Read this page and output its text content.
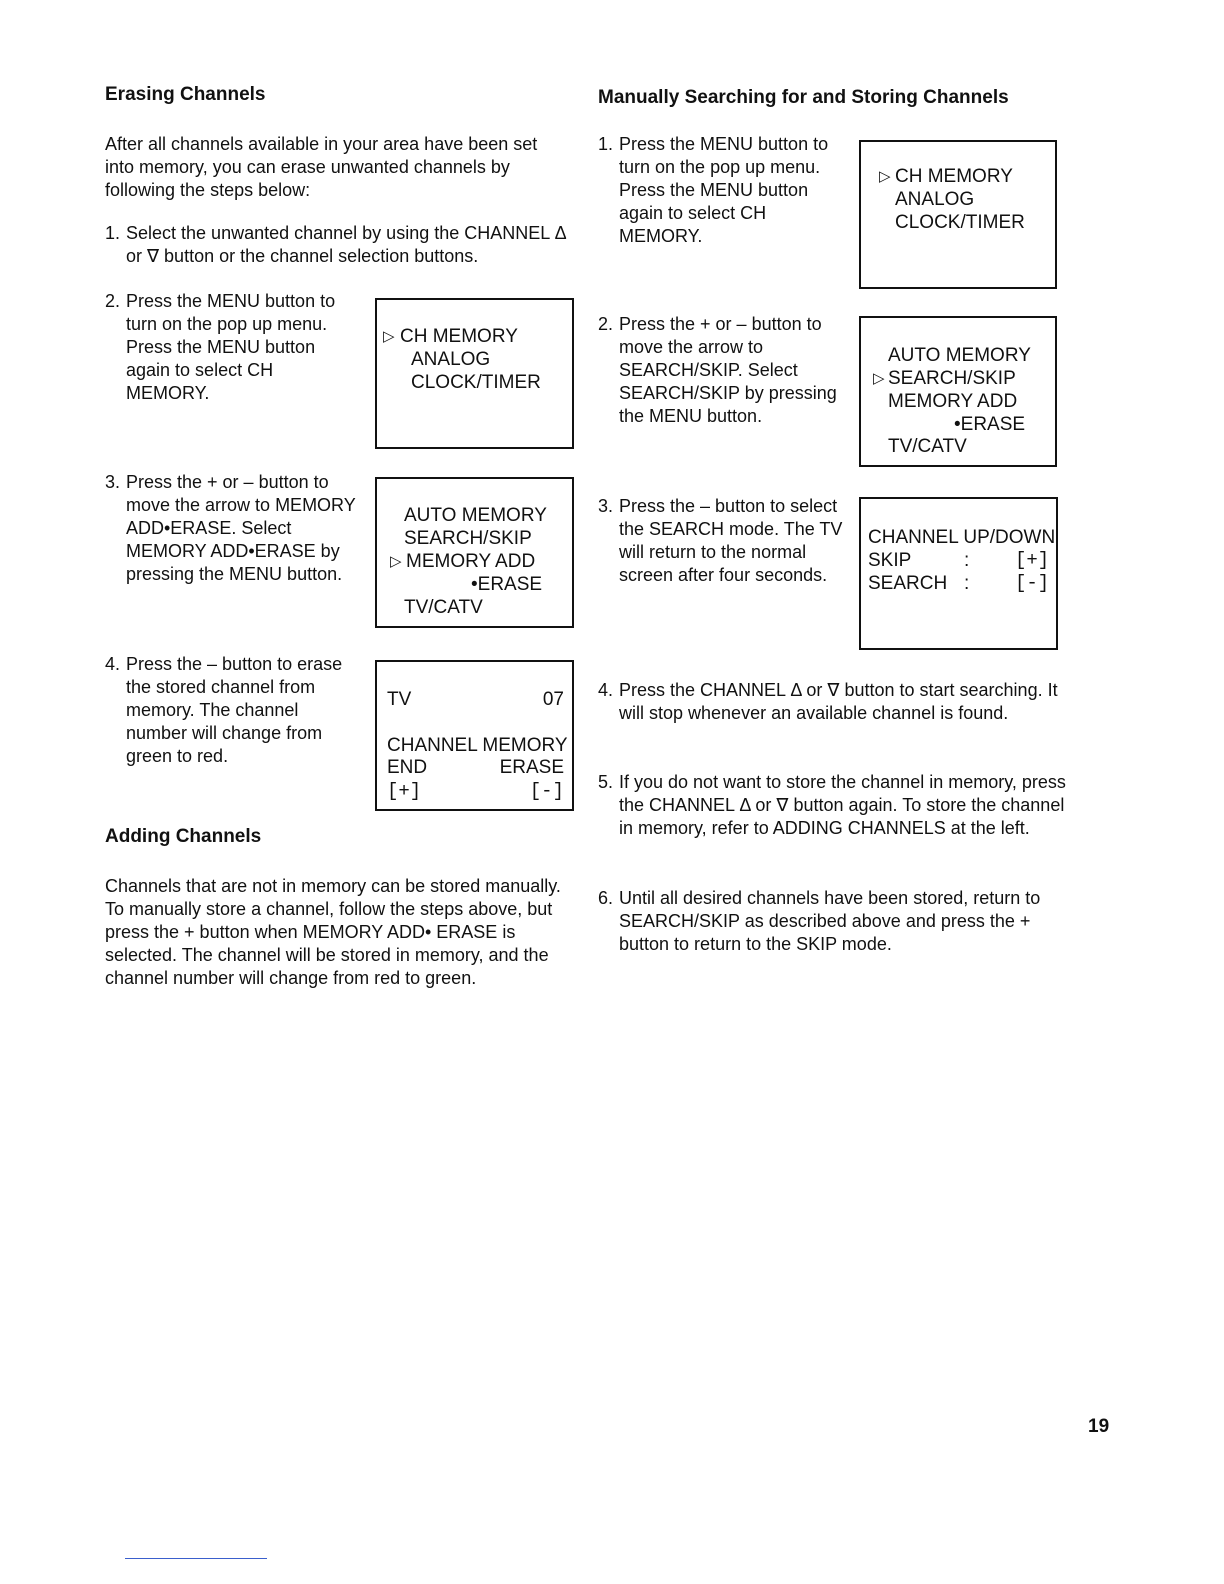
Erasing Channels
After all channels available in your area have been set into memory, you can erase unwanted channels by following the steps below:
1. Select the unwanted channel by using the CHANNEL Δ or ∇ button or the channel selection buttons.
2. Press the MENU button to turn on the pop up menu. Press the MENU button again to select CH MEMORY.
▷ CH MEMORY
ANALOG
CLOCK/TIMER
3. Press the + or – button to move the arrow to MEMORY ADD•ERASE. Select MEMORY ADD•ERASE by pressing the MENU button.
AUTO MEMORY
SEARCH/SKIP
▷ MEMORY ADD
•ERASE
TV/CATV
4. Press the – button to erase the stored channel from memory. The channel number will change from green to red.
TV	07
CHANNEL MEMORY
END	ERASE
[+]	[-]
Adding Channels
Channels that are not in memory can be stored manually. To manually store a channel, follow the steps above, but press the + button when MEMORY ADD• ERASE is selected. The channel will be stored in memory, and the channel number will change from red to green.
Manually Searching for and Storing Channels
1. Press the MENU button to turn on the pop up menu. Press the MENU button again to select CH MEMORY.
▷ CH MEMORY
ANALOG
CLOCK/TIMER
2. Press the + or – button to move the arrow to SEARCH/SKIP. Select SEARCH/SKIP by pressing the MENU button.
AUTO MEMORY
▷ SEARCH/SKIP
MEMORY ADD
•ERASE
TV/CATV
3. Press the – button to select the SEARCH mode. The TV will return to the normal screen after four seconds.
CHANNEL UP/DOWN
SKIP	: [+]
SEARCH : [-]
4. Press the CHANNEL Δ or ∇ button to start searching. It will stop whenever an available channel is found.
5. If you do not want to store the channel in memory, press the CHANNEL Δ or ∇ button again. To store the channel in memory, refer to ADDING CHANNELS at the left.
6. Until all desired channels have been stored, return to SEARCH/SKIP as described above and press the + button to return to the SKIP mode.
19
